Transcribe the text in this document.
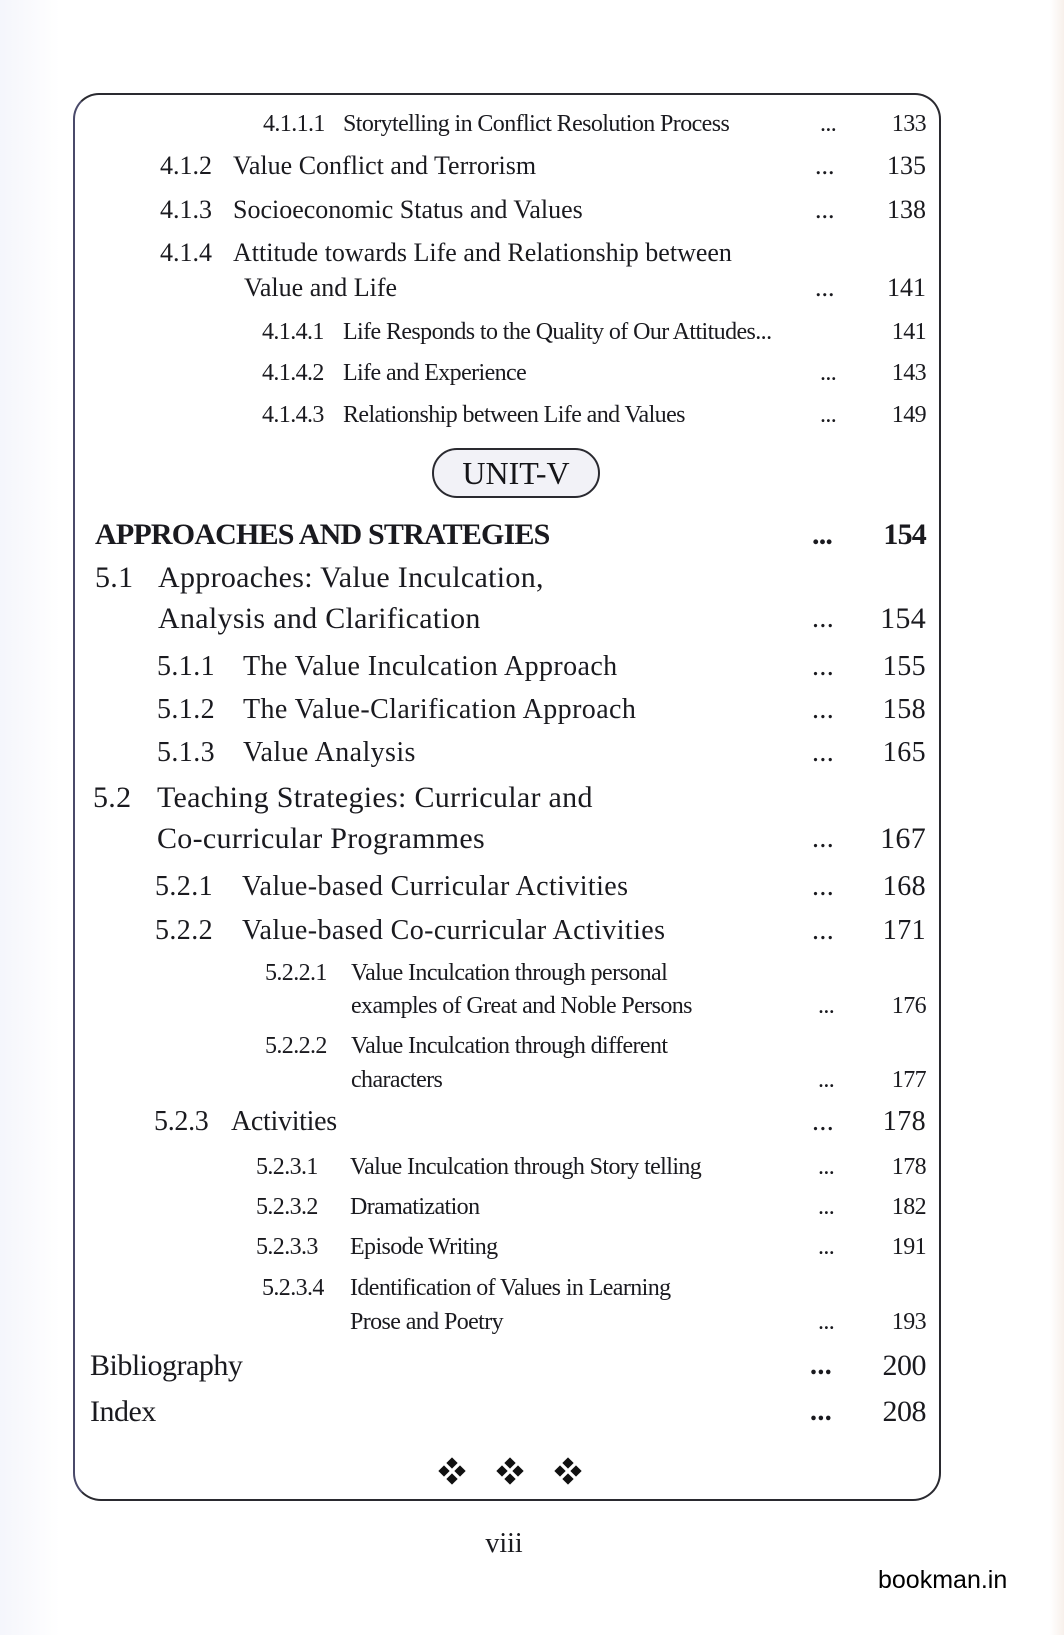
4.1.1.1 Storytelling in Conflict Resolution Process	... 133
4.1.2 Value Conflict and Terrorism	... 135
4.1.3 Socioeconomic Status and Values	... 138
4.1.4 Attitude towards Life and Relationship between
Value and Life	... 141
4.1.4.1 Life Responds to the Quality of Our Attitudes...	141
4.1.4.2 Life and Experience	... 143
4.1.4.3 Relationship between Life and Values	... 149
UNIT-V
APPROACHES AND STRATEGIES	... 154
5.1 Approaches: Value Inculcation,
Analysis and Clarification	... 154
5.1.1 The Value Inculcation Approach	... 155
5.1.2 The Value-Clarification Approach	... 158
5.1.3 Value Analysis	... 165
5.2 Teaching Strategies: Curricular and
Co-curricular Programmes	... 167
5.2.1 Value-based Curricular Activities	... 168
5.2.2 Value-based Co-curricular Activities	... 171
5.2.2.1 Value Inculcation through personal
examples of Great and Noble Persons	... 176
5.2.2.2 Value Inculcation through different
characters	... 177
5.2.3 Activities	... 178
5.2.3.1 Value Inculcation through Story telling	... 178
5.2.3.2 Dramatization	... 182
5.2.3.3 Episode Writing	... 191
5.2.3.4 Identification of Values in Learning
Prose and Poetry	... 193
Bibliography	... 200
Index	... 208
viii
bookman.in
